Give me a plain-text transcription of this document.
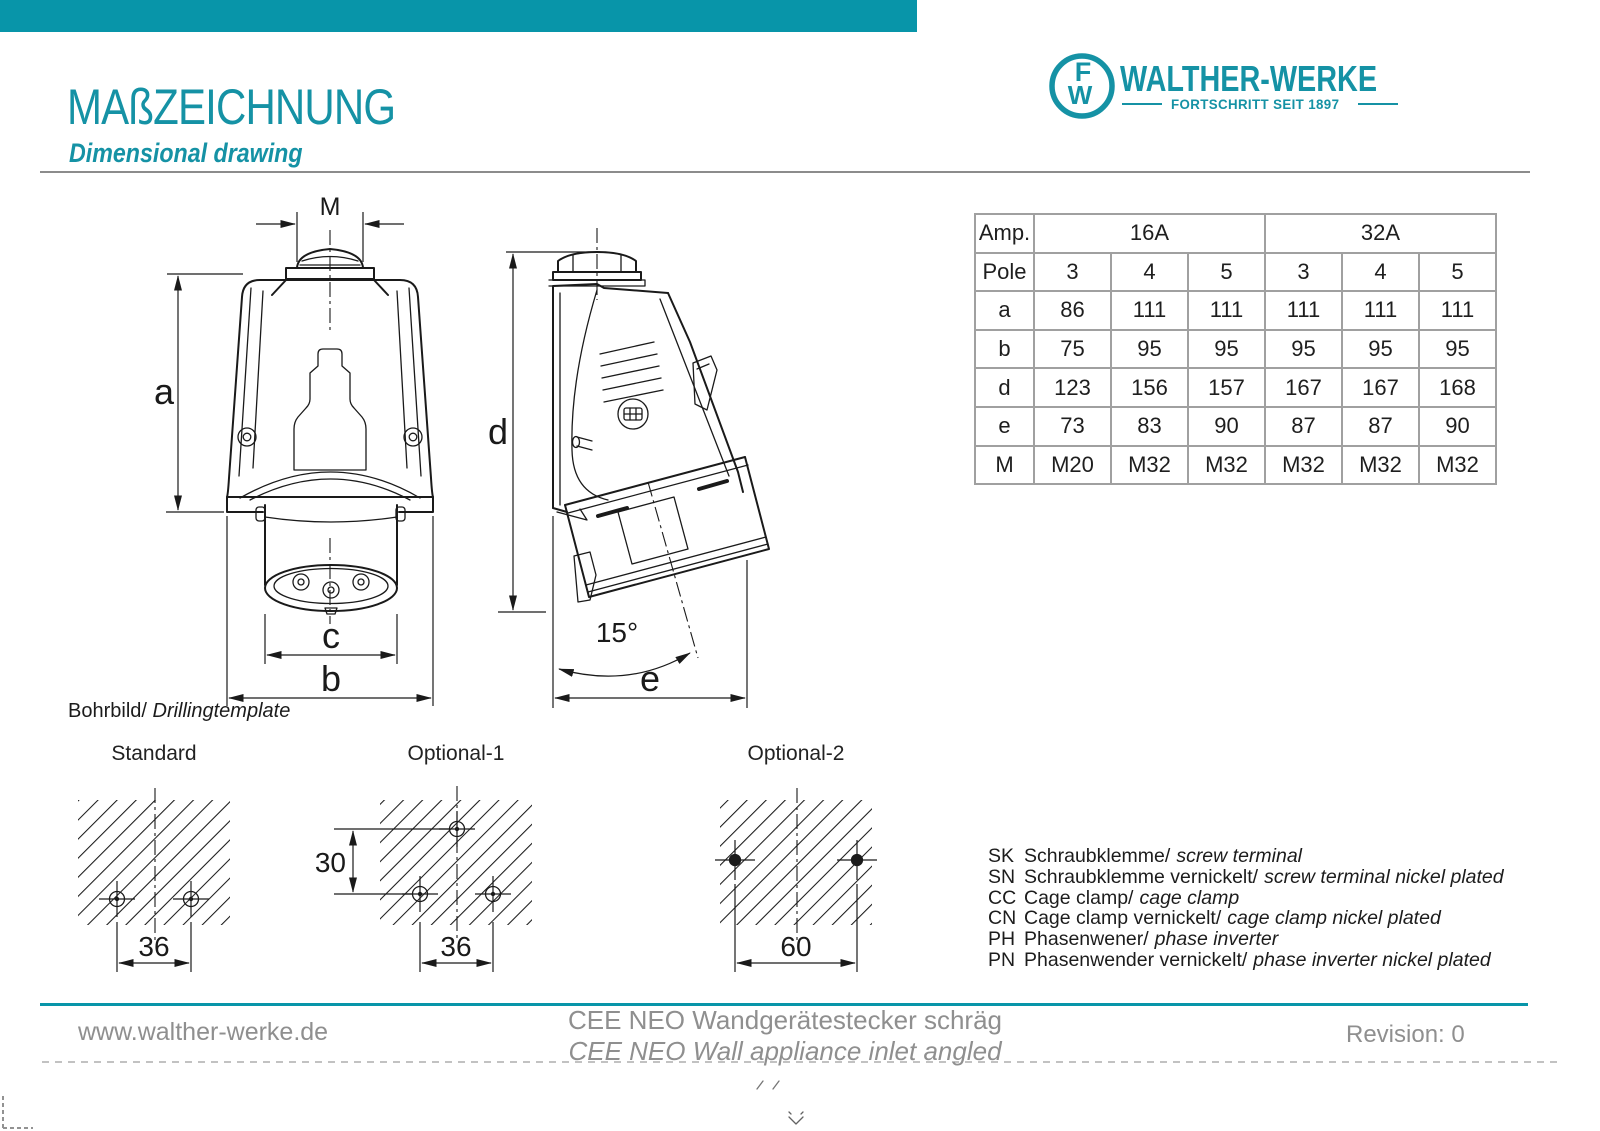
MAßZEICHNUNG
Dimensional drawing
F
W WALTHER-WERKE
FORTSCHRITT SEIT 1897
M
a
c
b
d
15°
e
36
30
36	60
Amp.	16A			32A		
Pole	3	4	5	3	4	5
a	86	111	111	111	111	111
b	75	95	95	95	95	95
d	123	156	157	167	167	168
e	73	83	90	87	87	90
M	M20	M32	M32	M32	M32	M32
Bohrbild/ Drillingtemplate
Standard	Optional-1	Optional-2
SK Schraubklemme/ screw terminal
SN Schraubklemme vernickelt/ screw terminal nickel plated
CC Cage clamp/ cage clamp
CN Cage clamp vernickelt/ cage clamp nickel plated
PH Phasenwener/ phase inverter
PN Phasenwender vernickelt/ phase inverter nickel plated
www.walther-werke.de	CEE NEO Wandgerätestecker schräg
CEE NEO Wall appliance inlet angled
Revision: 0
